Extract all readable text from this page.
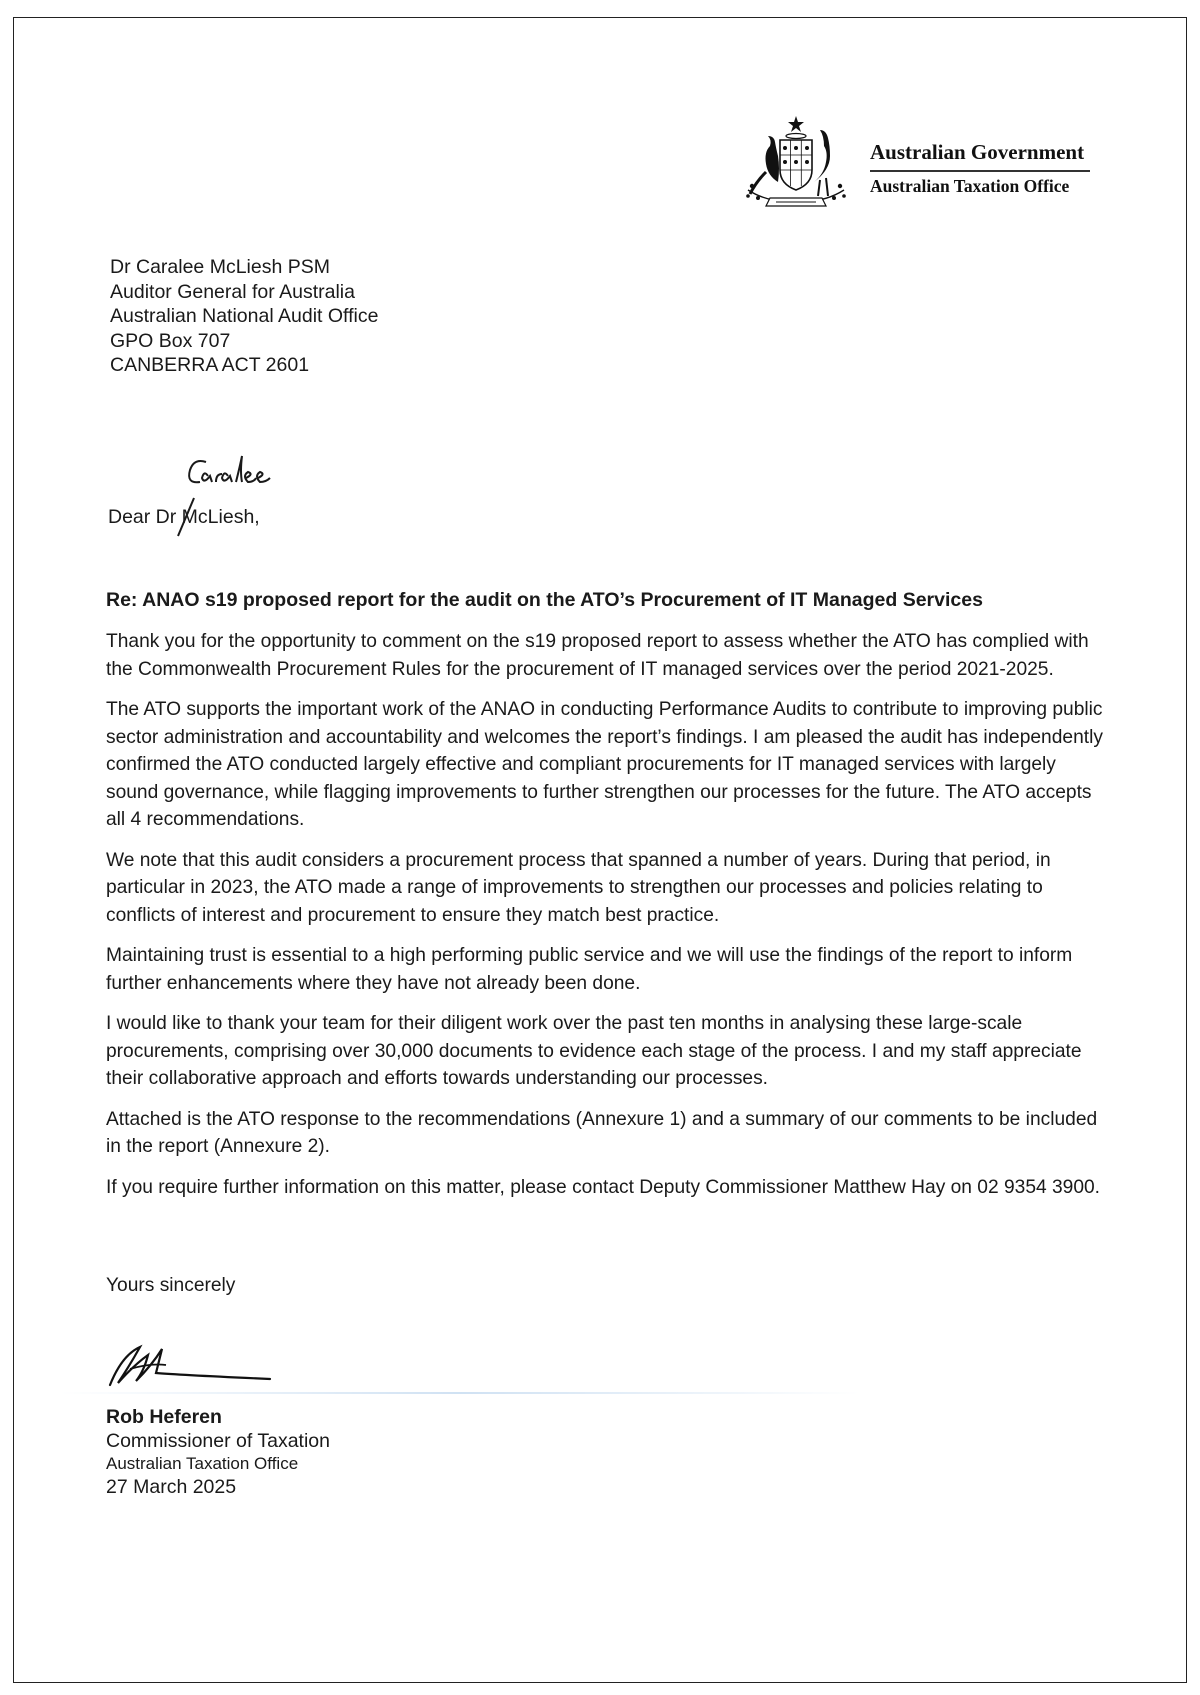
Australian Government
Australian Taxation Office
Dr Caralee McLiesh PSM
Auditor General for Australia
Australian National Audit Office
GPO Box 707
CANBERRA ACT 2601
Dear Dr McLiesh,
Re: ANAO s19 proposed report for the audit on the ATO’s Procurement of IT Managed Services

Thank you for the opportunity to comment on the s19 proposed report to assess whether the ATO has complied with the Commonwealth Procurement Rules for the procurement of IT managed services over the period 2021-2025.

The ATO supports the important work of the ANAO in conducting Performance Audits to contribute to improving public sector administration and accountability and welcomes the report’s findings. I am pleased the audit has independently confirmed the ATO conducted largely effective and compliant procurements for IT managed services with largely sound governance, while flagging improvements to further strengthen our processes for the future. The ATO accepts all 4 recommendations.

We note that this audit considers a procurement process that spanned a number of years. During that period, in particular in 2023, the ATO made a range of improvements to strengthen our processes and policies relating to conflicts of interest and procurement to ensure they match best practice.

Maintaining trust is essential to a high performing public service and we will use the findings of the report to inform further enhancements where they have not already been done.

I would like to thank your team for their diligent work over the past ten months in analysing these large-scale procurements, comprising over 30,000 documents to evidence each stage of the process. I and my staff appreciate their collaborative approach and efforts towards understanding our processes.

Attached is the ATO response to the recommendations (Annexure 1) and a summary of our comments to be included in the report (Annexure 2).

If you require further information on this matter, please contact Deputy Commissioner Matthew Hay on 02 9354 3900.

Yours sincerely
Rob Heferen
Commissioner of Taxation
Australian Taxation Office
27 March 2025
